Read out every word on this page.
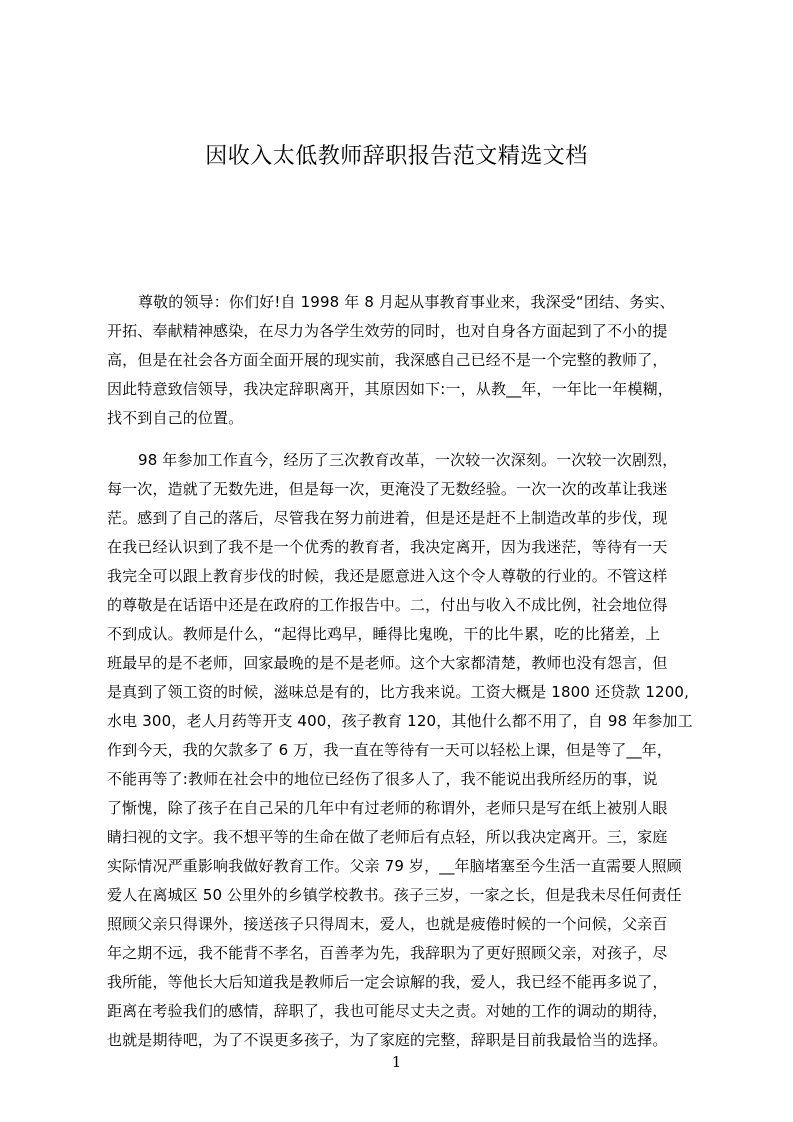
因收入太低教师辞职报告范文精选文档
尊敬的领导：你们好!自 1998 年 8 月起从事教育事业来，我深受“团结、务实、
开拓、奉献精神感染，在尽力为各学生效劳的同时，也对自身各方面起到了不小的提
高，但是在社会各方面全面开展的现实前，我深感自己已经不是一个完整的教师了，
因此特意致信领导，我决定辞职离开，其原因如下:一，从教__年，一年比一年模糊，
找不到自己的位置。
98 年参加工作直今，经历了三次教育改革，一次较一次深刻。一次较一次剧烈，
每一次，造就了无数先进，但是每一次，更淹没了无数经验。一次一次的改革让我迷
茫。感到了自己的落后，尽管我在努力前进着，但是还是赶不上制造改革的步伐，现
在我已经认识到了我不是一个优秀的教育者，我决定离开，因为我迷茫，等待有一天
我完全可以跟上教育步伐的时候，我还是愿意进入这个令人尊敬的行业的。不管这样
的尊敬是在话语中还是在政府的工作报告中。二，付出与收入不成比例，社会地位得
不到成认。教师是什么，“起得比鸡早，睡得比鬼晚，干的比牛累，吃的比猪差，上
班最早的是不老师，回家最晚的是不是老师。这个大家都清楚，教师也没有怨言，但
是真到了领工资的时候，滋味总是有的，比方我来说。工资大概是 1800 还贷款 1200,
水电 300，老人月药等开支 400，孩子教育 120，其他什么都不用了，自 98 年参加工
作到今天，我的欠款多了 6 万，我一直在等待有一天可以轻松上课，但是等了__年，
不能再等了:教师在社会中的地位已经伤了很多人了，我不能说出我所经历的事，说
了惭愧，除了孩子在自己呆的几年中有过老师的称谓外，老师只是写在纸上被别人眼
睛扫视的文字。我不想平等的生命在做了老师后有点轻，所以我决定离开。三，家庭
实际情况严重影响我做好教育工作。父亲 79 岁，__年脑堵塞至今生活一直需要人照顾
爱人在离城区 50 公里外的乡镇学校教书。孩子三岁，一家之长，但是我未尽任何责任
照顾父亲只得课外，接送孩子只得周末，爱人，也就是疲倦时候的一个问候，父亲百
年之期不远，我不能背不孝名，百善孝为先，我辞职为了更好照顾父亲，对孩子，尽
我所能，等他长大后知道我是教师后一定会谅解的我，爱人，我已经不能再多说了，
距离在考验我们的感情，辞职了，我也可能尽丈夫之责。对她的工作的调动的期待，
也就是期待吧，为了不误更多孩子，为了家庭的完整，辞职是目前我最恰当的选择。
1
